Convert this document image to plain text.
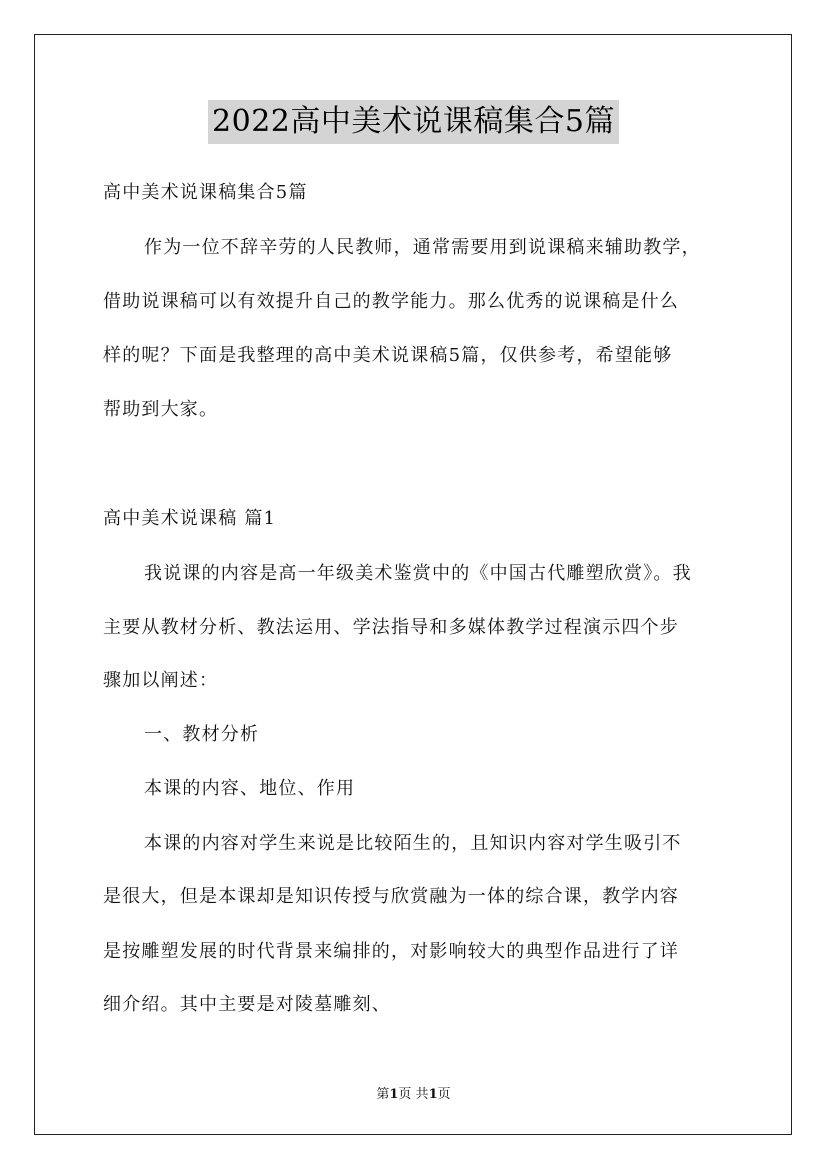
2022高中美术说课稿集合5篇
高中美术说课稿集合5篇
作为一位不辞辛劳的人民教师，通常需要用到说课稿来辅助教学，
借助说课稿可以有效提升自己的教学能力。那么优秀的说课稿是什么
样的呢？下面是我整理的高中美术说课稿5篇，仅供参考，希望能够
帮助到大家。
高中美术说课稿 篇1
我说课的内容是高一年级美术鉴赏中的《中国古代雕塑欣赏》。我
主要从教材分析、教法运用、学法指导和多媒体教学过程演示四个步
骤加以阐述：
一、教材分析
本课的内容、地位、作用
本课的内容对学生来说是比较陌生的，且知识内容对学生吸引不
是很大，但是本课却是知识传授与欣赏融为一体的综合课，教学内容
是按雕塑发展的时代背景来编排的，对影响较大的典型作品进行了详
细介绍。其中主要是对陵墓雕刻、
第1页 共1页
